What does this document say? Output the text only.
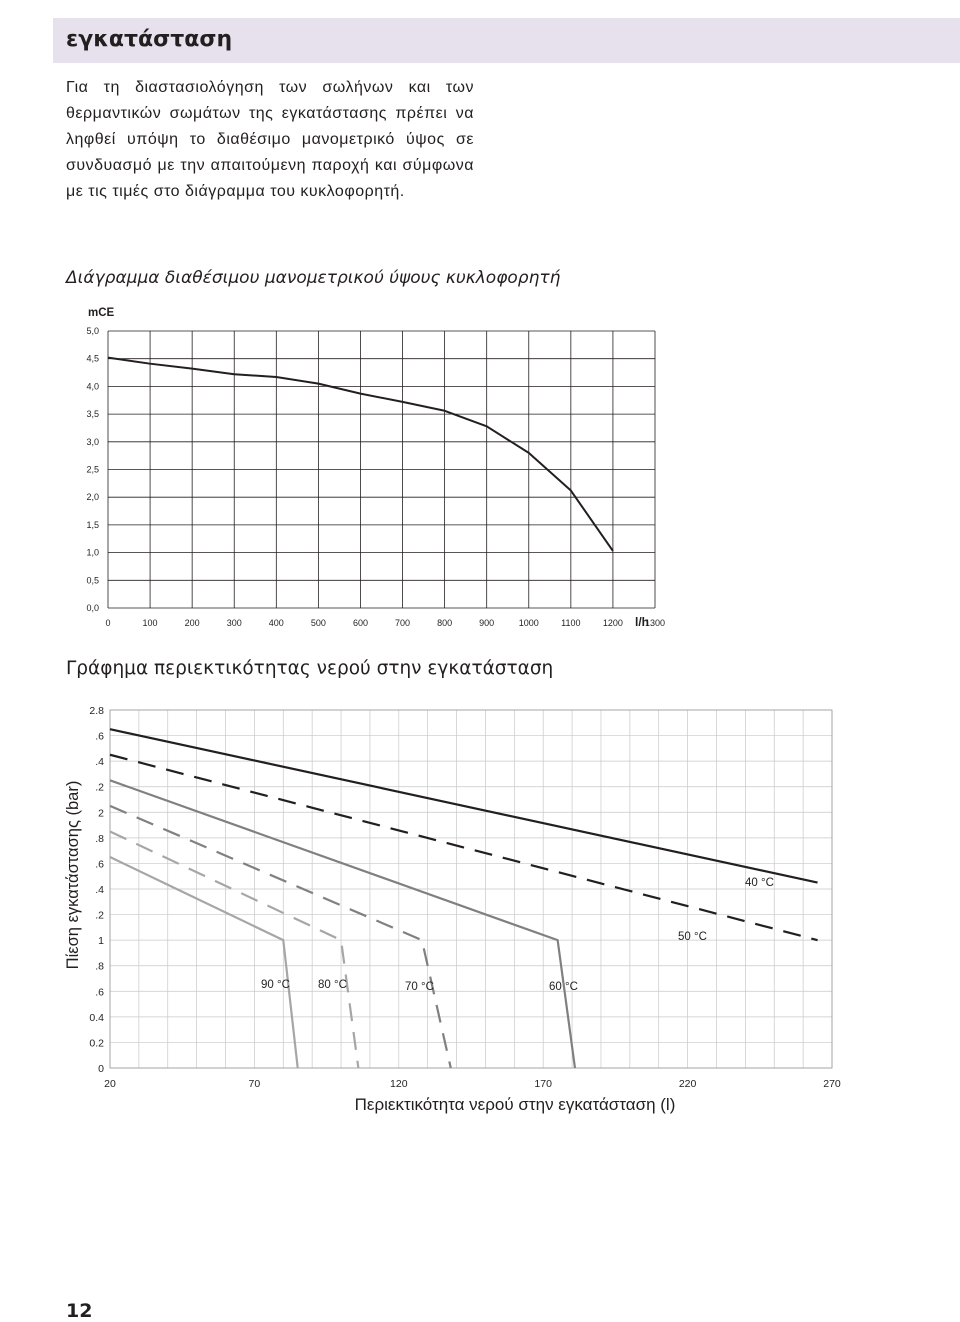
εγκατάσταση

Για τη διαστασιολόγηση των σωλήνων και των θερμαντικών σωμάτων της εγκατάστασης πρέπει να ληφθεί υπόψη το διαθέσιμο μανομετρικό ύψος σε συνδυασμό με την απαιτούμενη παροχή και σύμφωνα με τις τιμές στο διάγραμμα του κυκλοφορητή.

Διάγραμμα διαθέσιμου μανομετρικού ύψους κυκλοφορητή
0	100	200	300	400	500	600	700	800	900	1000 1100 1200 1300
0,0
0,5
1,0
1,5
2,0
2,5
3,0
3,5
4,0
4,5
5,0
mCE
l/h
Γράφημα περιεκτικότητας νερού στην εγκατάσταση
0
0.2
0.4
.6
.8
1
.2
.4
.6
.8
2
.2
.4
.6
2.8
20	70	120	170	220	270
Περιεκτικότητα νερού στην εγκατάσταση (l)
Πίεση εγκατάστασης (bar)	40 °C
50 °C
60 °C
70 °C
80 °C
90 °C
12
